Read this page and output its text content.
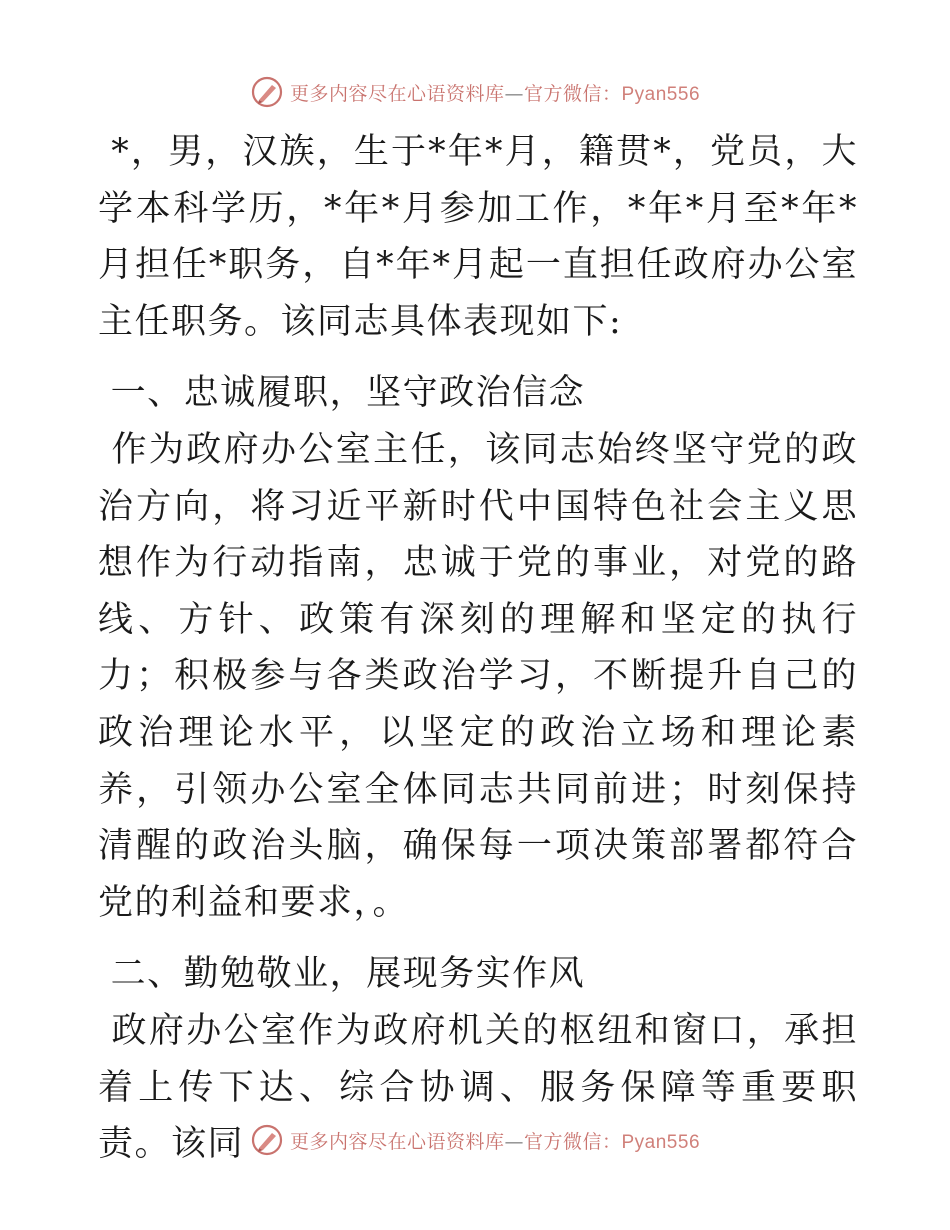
更多内容尽在心语资料库—官方微信：Pyan556

*，男，汉族，生于*年*月，籍贯*，党员，大学本科学历，*年*月参加工作，*年*月至*年*月担任*职务，自*年*月起一直担任政府办公室主任职务。该同志具体表现如下:

一、忠诚履职，坚守政治信念

作为政府办公室主任，该同志始终坚守党的政治方向，将习近平新时代中国特色社会主义思想作为行动指南，忠诚于党的事业，对党的路线、方针、政策有深刻的理解和坚定的执行力；积极参与各类政治学习，不断提升自己的政治理论水平，以坚定的政治立场和理论素养，引领办公室全体同志共同前进；时刻保持清醒的政治头脑，确保每一项决策部署都符合党的利益和要求，。

二、勤勉敬业，展现务实作风

政府办公室作为政府机关的枢纽和窗口，承担着上传下达、综合协调、服务保障等重要职责。该同	更多内容尽在心语资料库—官方微信：Pyan556
